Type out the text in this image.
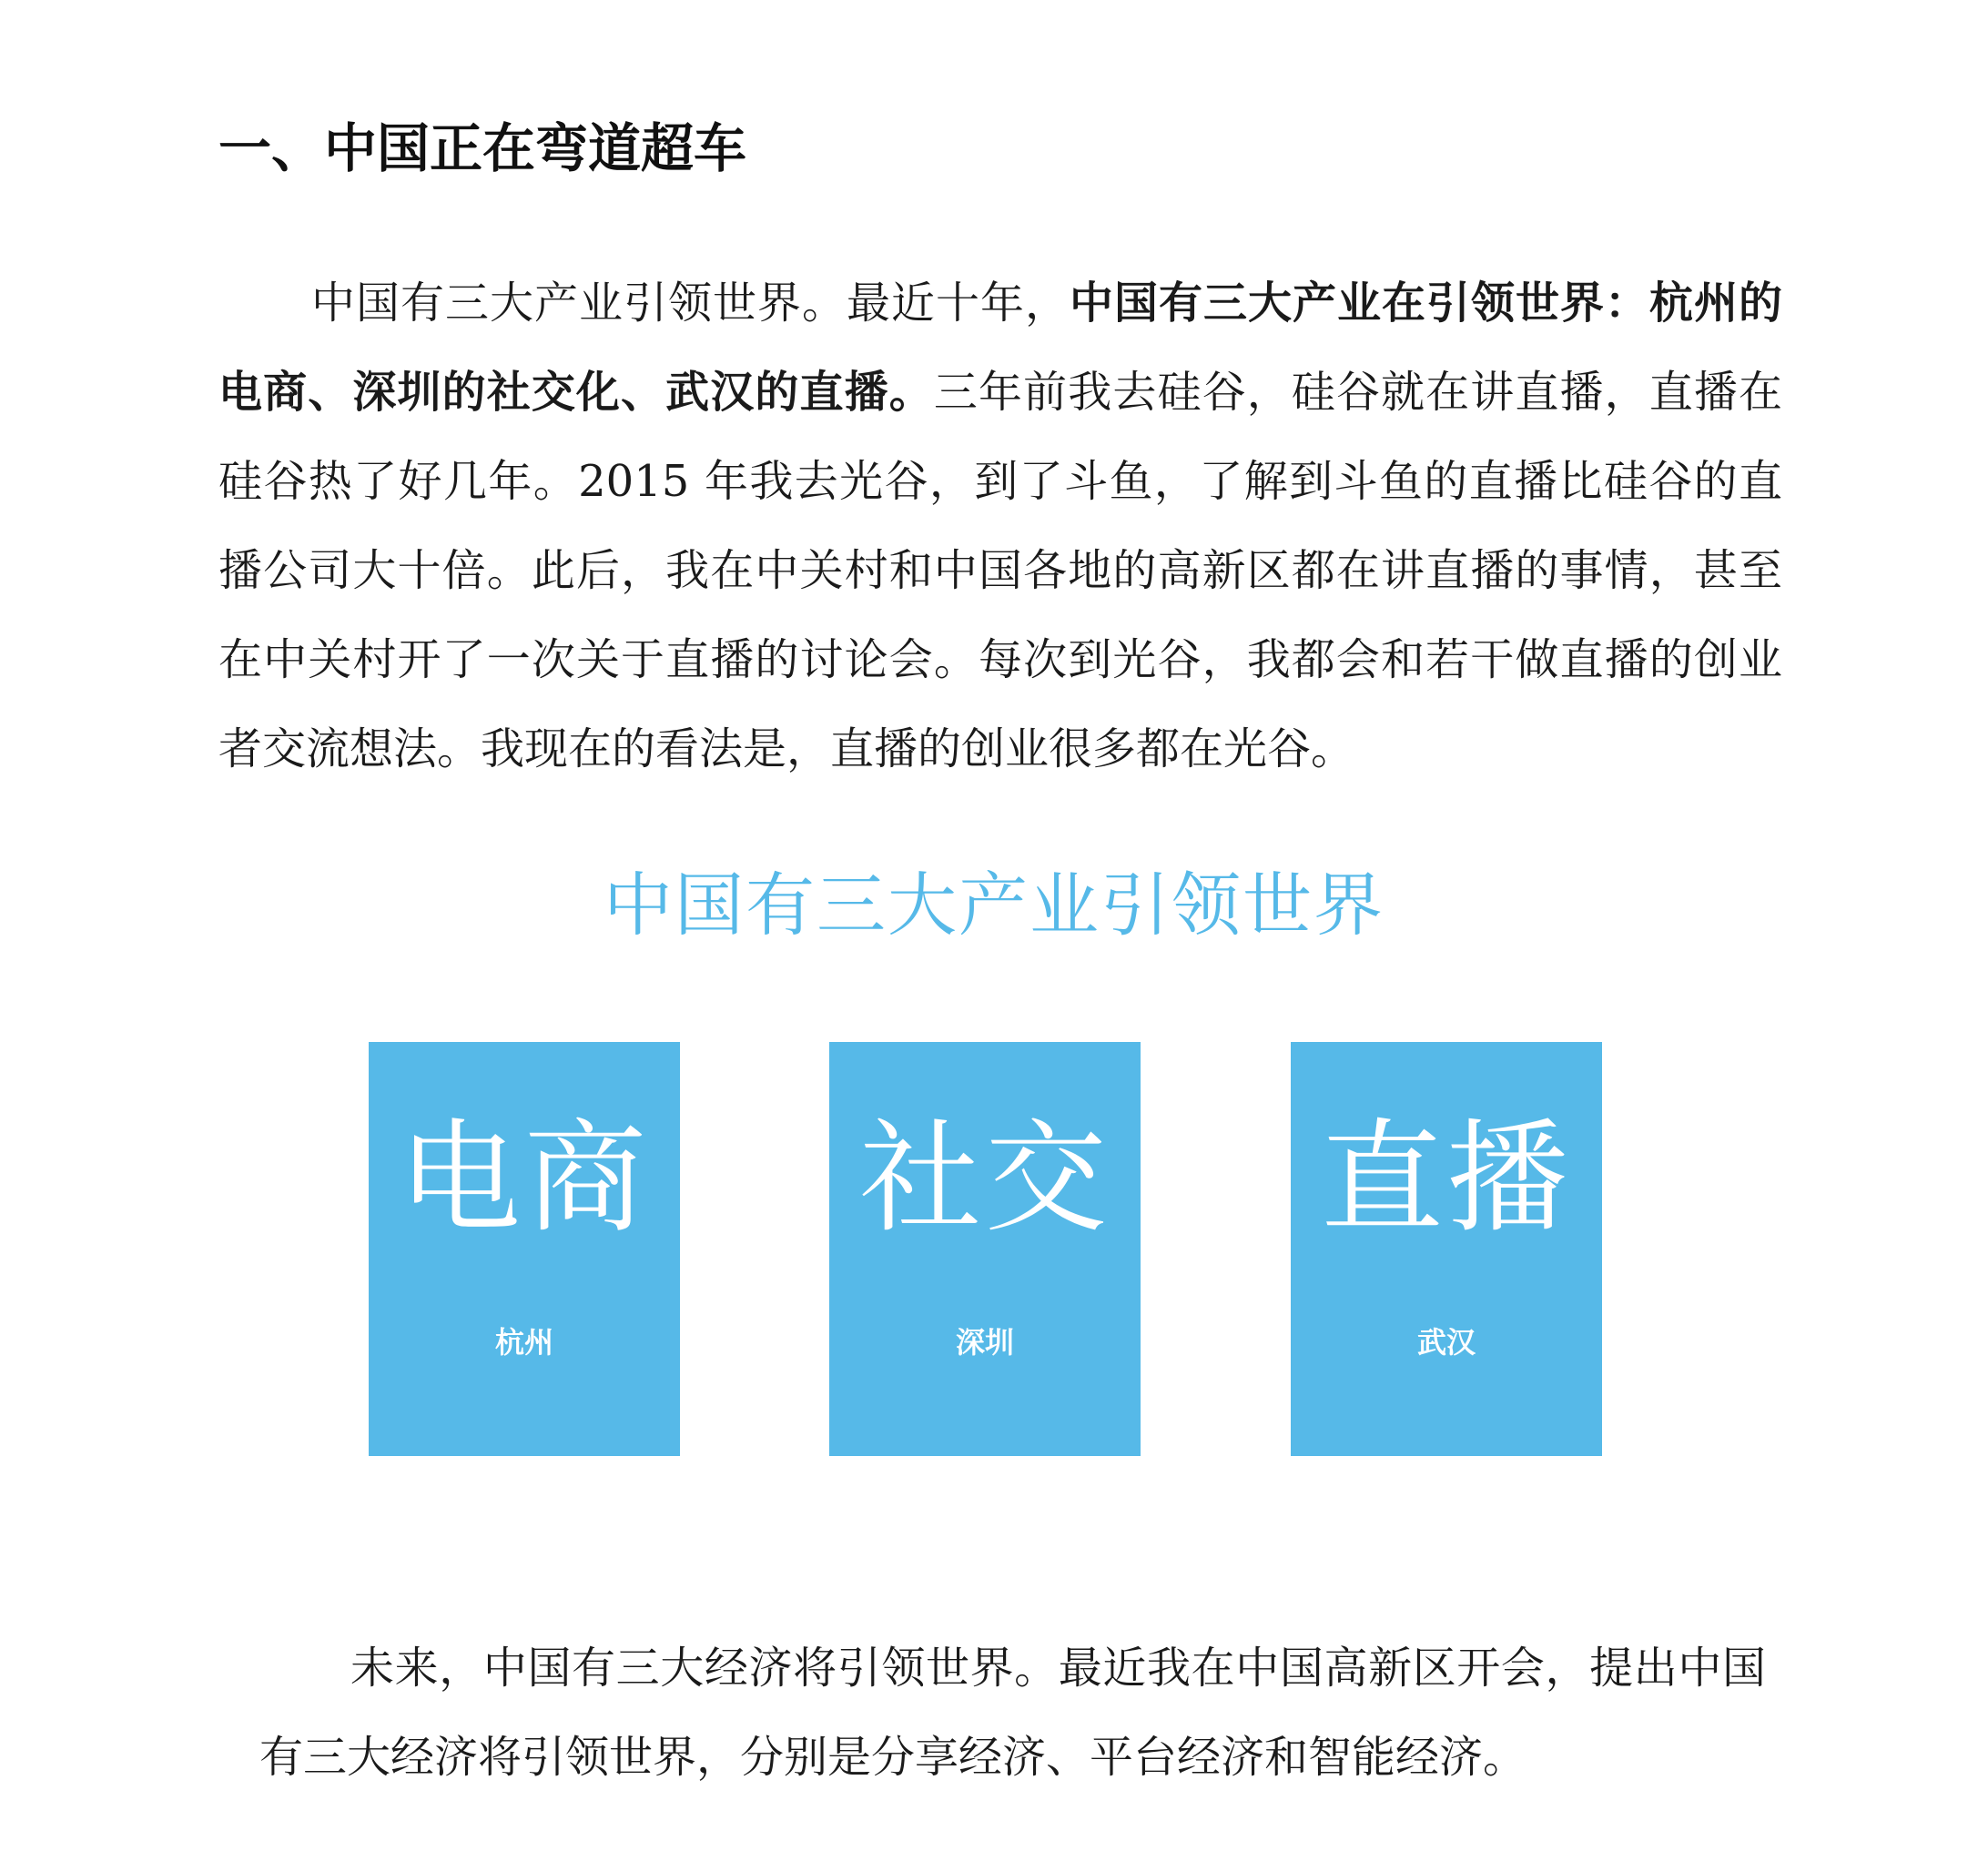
一、中国正在弯道超车

中国有三大产业引领世界。最近十年，中国有三大产业在引领世界：杭州的电商、深圳的社交化、武汉的直播。三年前我去硅谷，硅谷就在讲直播，直播在硅谷热了好几年。2015 年我去光谷，到了斗鱼，了解到斗鱼的直播比硅谷的直播公司大十倍。此后，我在中关村和中国各地的高新区都在讲直播的事情，甚至在中关村开了一次关于直播的讨论会。每次到光谷，我都会和若干做直播的创业者交流想法。我现在的看法是，直播的创业很多都在光谷。

中国有三大产业引领世界
电商
杭州
社交
深圳
直播
武汉

未来，中国有三大经济将引领世界。最近我在中国高新区开会，提出中国有三大经济将引领世界，分别是分享经济、平台经济和智能经济。
